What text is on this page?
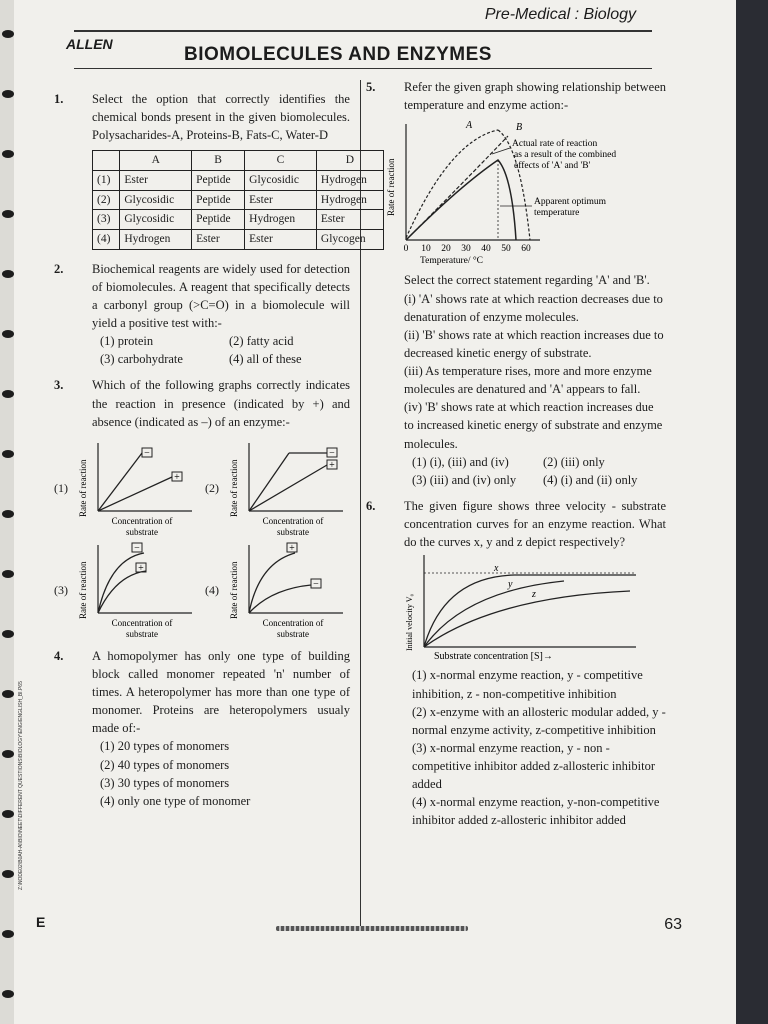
Pre-Medical : Biology
ALLEN	BIOMOLECULES AND ENZYMES
Z:\NODE02\B0AH-AI\BIO\NEET\DIFFERENT QUESTIONS\BIOLOGY\ENG\ENGLISH_BI.P65
1. Select the option that correctly identifies the chemical bonds present in the given biomolecules. Polysacharides-A, Proteins-B, Fats-C, Water-D
	A	B	C	D
(1)	Ester	Peptide	Glycosidic	Hydrogen
(2)	Glycosidic	Peptide	Ester	Hydrogen
(3)	Glycosidic	Peptide	Hydrogen	Ester
(4)	Hydrogen	Ester	Ester	Glycogen
2. Biochemical reagents are widely used for detection of biomolecules. A reagent that specifically detects a carbonyl group (>C=O) in a biomolecule will yield a positive test with:-
(1) protein	(2) fatty acid
(3) carbohydrate	(4) all of these
3. Which of the following graphs correctly indicates the reaction in presence (indicated by +) and absence (indicated as –) of an enzyme:-
(1)	Rate of reaction
−
+
Concentration of
substrate
(2)	Rate of reaction
−
+
Concentration of
substrate
(3)	Rate of reaction
−
+
Concentration of
substrate
(4)	Rate of reaction
+
−
Concentration of
substrate
4. A homopolymer has only one type of building block called monomer repeated 'n' number of times. A heteropolymer has more than one type of monomer. Proteins are heteropolymers usualy made of:-
(1) 20 types of monomers
(2) 40 types of monomers
(3) 30 types of monomers
(4) only one type of monomer
5. Refer the given graph showing relationship between temperature and enzyme action:-
Rate of reaction
A	B
Actual rate of reaction
as a result of the combined
effects of 'A' and 'B'
Apparent optimum
temperature
0 10 20 30 40 50 60
Temperature/ °C
Select the correct statement regarding 'A' and 'B'.
(i) 'A' shows rate at which reaction decreases due to denaturation of enzyme molecules.
(ii) 'B' shows rate at which reaction increases due to decreased kinetic energy of substrate.
(iii) As temperature rises, more and more enzyme molecules are denatured and 'A' appears to fall.
(iv) 'B' shows rate at which reaction increases due to increased kinetic energy of substrate and enzyme molecules.
(1) (i), (iii) and (iv)	(2) (iii) only
(3) (iii) and (iv) only	(4) (i) and (ii) only
6. The given figure shows three velocity - substrate concentration curves for an enzyme reaction. What do the curves x, y and z depict respectively?
Initial velocity V₀
x
y
z
Substrate concentration [S]→
(1) x-normal enzyme reaction, y - competitive inhibition, z - non-competitive inhibition
(2) x-enzyme with an allosteric modular added, y - normal enzyme activity, z-competitive inhibition
(3) x-normal enzyme reaction, y - non - competitive inhibitor added z-allosteric inhibitor added
(4) x-normal enzyme reaction, y-non-competitive inhibitor added z-allosteric inhibitor added
E	63
